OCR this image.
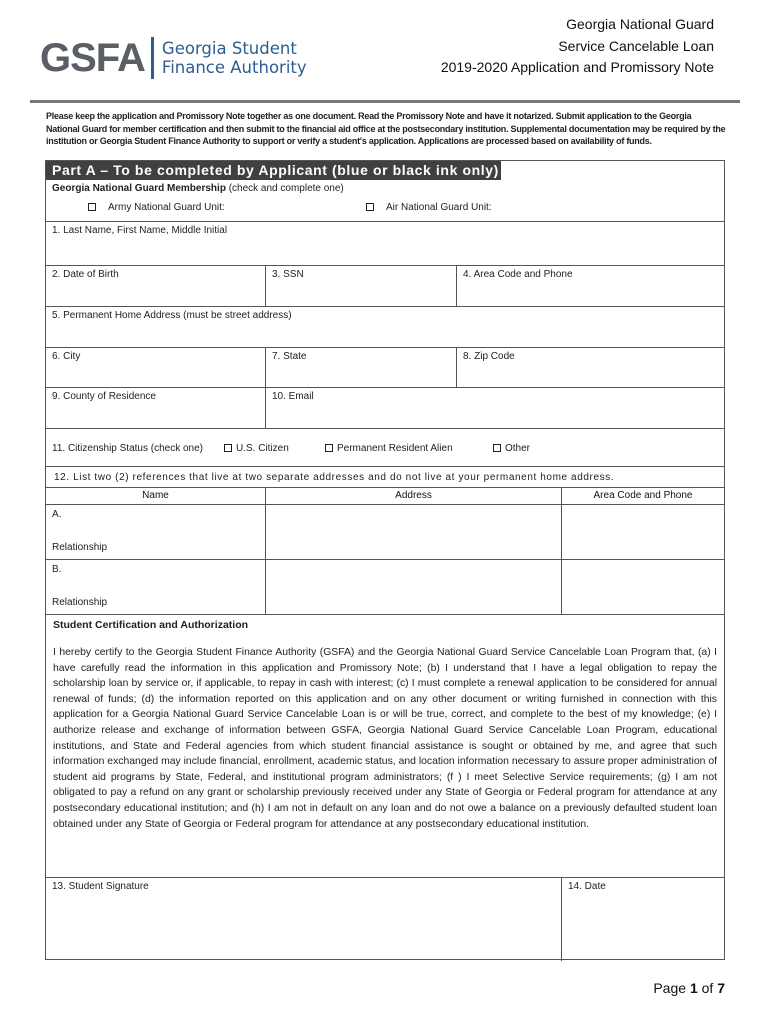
GSFA Georgia Student
Finance Authority
Georgia National Guard
Service Cancelable Loan
2019-2020 Application and Promissory Note
Please keep the application and Promissory Note together as one document. Read the Promissory Note and have it notarized. Submit application to the Georgia National Guard for member certification and then submit to the financial aid office at the postsecondary institution. Supplemental documentation may be required by the institution or Georgia Student Finance Authority to support or verify a student's application. Applications are processed based on availability of funds.
Part A – To be completed by Applicant (blue or black ink only)
Georgia National Guard Membership (check and complete one)
Army National Guard Unit:	Air National Guard Unit:
1. Last Name, First Name, Middle Initial
2. Date of Birth	3. SSN	4. Area Code and Phone
5. Permanent Home Address (must be street address)
6. City	7. State	8. Zip Code
9. County of Residence	10. Email
11. Citizenship Status (check one)	U.S. Citizen	Permanent Resident Alien	Other
12. List two (2) references that live at two separate addresses and do not live at your permanent home address.
Name	Address	Area Code and Phone
A.
Relationship
B.
Relationship
Student Certification and Authorization
I hereby certify to the Georgia Student Finance Authority (GSFA) and the Georgia National Guard Service Cancelable Loan Program that, (a) I have carefully read the information in this application and Promissory Note; (b) I understand that I have a legal obligation to repay the scholarship loan by service or, if applicable, to repay in cash with interest; (c) I must complete a renewal application to be considered for annual renewal of funds; (d) the information reported on this application and on any other document or writing furnished in connection with this application for a Georgia National Guard Service Cancelable Loan is or will be true, correct, and complete to the best of my knowledge; (e) I authorize release and exchange of information between GSFA, Georgia National Guard Service Cancelable Loan Program, educational institutions, and State and Federal agencies from which student financial assistance is sought or obtained by me, and agree that such information exchanged may include financial, enrollment, academic status, and location information necessary to assure proper administration of student aid programs by State, Federal, and institutional program administrators; (f ) I meet Selective Service requirements; (g) I am not obligated to pay a refund on any grant or scholarship previously received under any State of Georgia or Federal program for attendance at any postsecondary educational institution; and (h) I am not in default on any loan and do not owe a balance on a previously defaulted student loan obtained under any State of Georgia or Federal program for attendance at any postsecondary educational institution.
13. Student Signature	14. Date
Page 1 of 7
